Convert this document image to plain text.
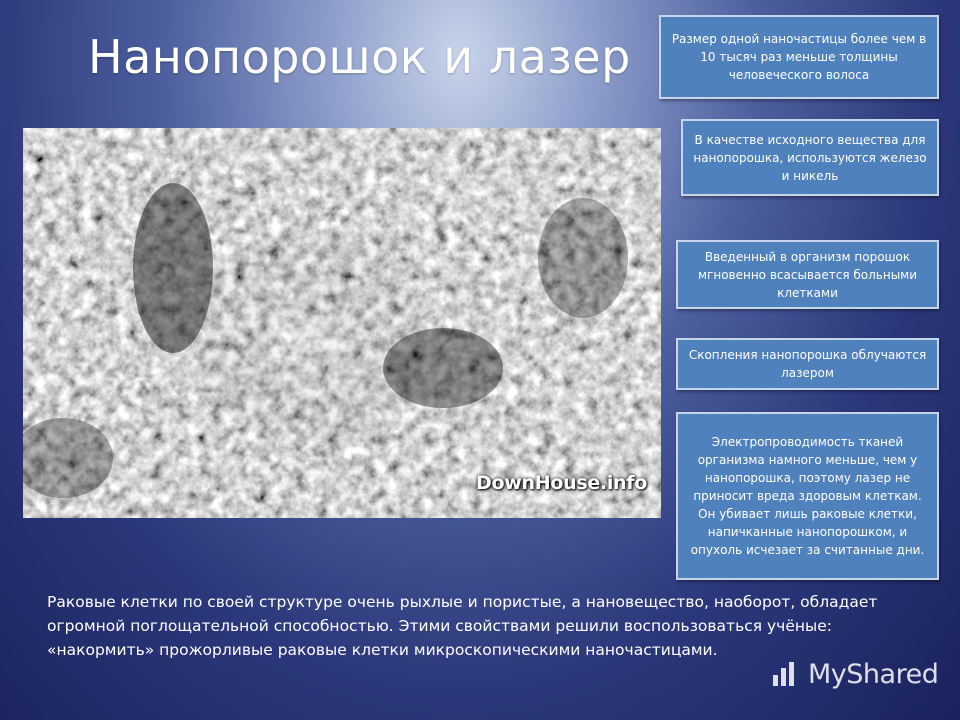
Нанопорошок и лазер
DownHouse.info
Размер одной наночастицы более чем в 10 тысяч раз меньше толщины человеческого волоса
В качестве исходного вещества для нанопорошка, используются железо и никель
Введенный в организм порошок мгновенно всасывается больными клетками
Скопления нанопорошка облучаются лазером
Электропроводимость тканей организма намного меньше, чем у нанопорошка, поэтому лазер не приносит вреда здоровым клеткам. Он убивает лишь раковые клетки, напичканные нанопорошком, и опухоль исчезает за считанные дни.
Раковые клетки по своей структуре очень рыхлые и пористые, а нановещество, наоборот, обладает огромной поглощательной способностью. Этими свойствами решили воспользоваться учёные: «накормить» прожорливые раковые клетки микроскопическими наночастицами.
MyShared
